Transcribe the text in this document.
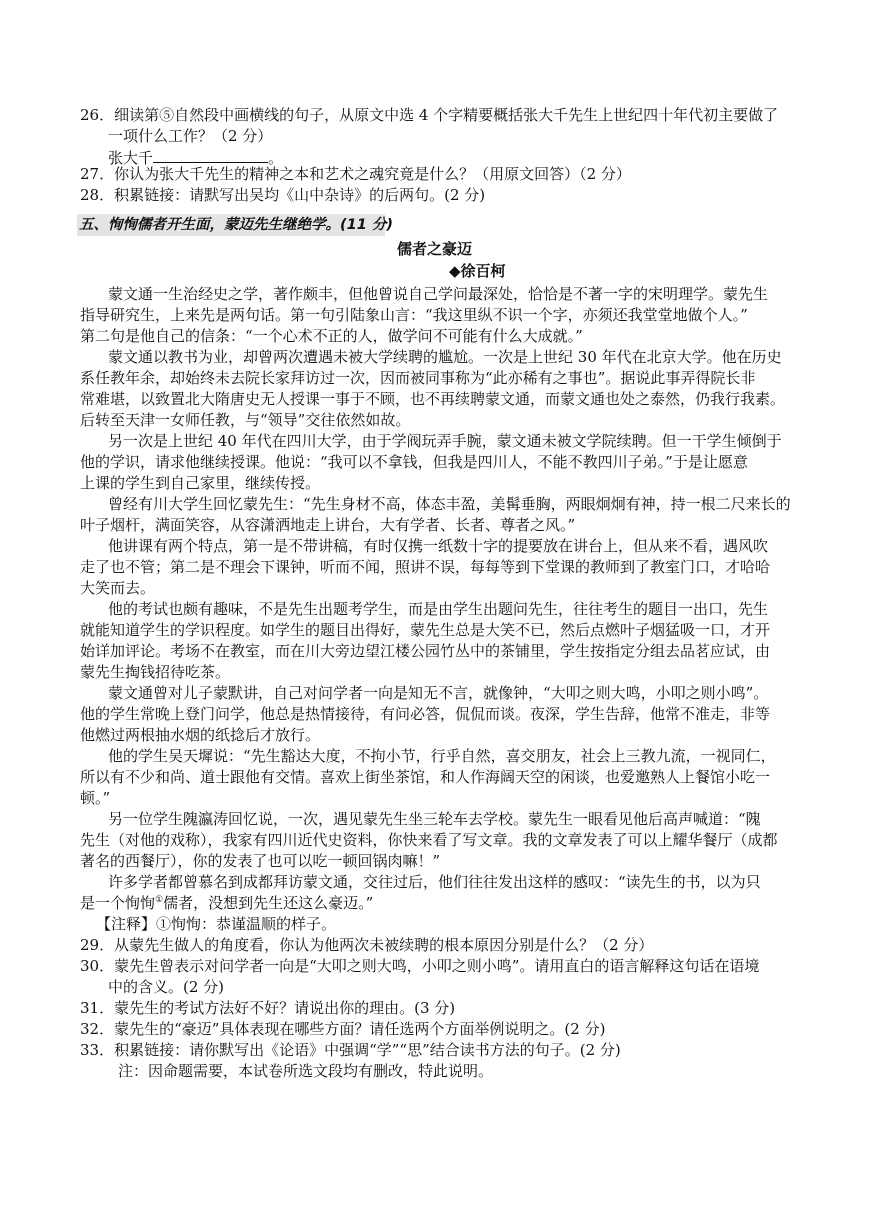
26．细读第⑤自然段中画横线的句子，从原文中选 4 个字精要概括张大千先生上世纪四十年代初主要做了
一项什么工作？（2 分）
张大千	。
27．你认为张大千先生的精神之本和艺术之魂究竟是什么？（用原文回答）（2 分）
28．积累链接：请默写出吴均《山中杂诗》的后两句。(2 分)
五、恂恂儒者开生面，蒙迈先生继绝学。(11 分)
儒者之豪迈
◆徐百柯
蒙文通一生治经史之学，著作颇丰，但他曾说自己学问最深处，恰恰是不著一字的宋明理学。蒙先生
指导研究生，上来先是两句话。第一句引陆象山言：“我这里纵不识一个字，亦须还我堂堂地做个人。”
第二句是他自己的信条：“一个心术不正的人，做学问不可能有什么大成就。”
蒙文通以教书为业，却曾两次遭遇未被大学续聘的尴尬。一次是上世纪 30 年代在北京大学。他在历史
系任教年余，却始终未去院长家拜访过一次，因而被同事称为“此亦稀有之事也”。据说此事弄得院长非
常难堪，以致置北大隋唐史无人授课一事于不顾，也不再续聘蒙文通，而蒙文通也处之泰然，仍我行我素。
后转至天津一女师任教，与“领导”交往依然如故。
另一次是上世纪 40 年代在四川大学，由于学阀玩弄手腕，蒙文通未被文学院续聘。但一干学生倾倒于
他的学识，请求他继续授课。他说：“我可以不拿钱，但我是四川人，不能不教四川子弟。”于是让愿意
上课的学生到自己家里，继续传授。
曾经有川大学生回忆蒙先生：“先生身材不高，体态丰盈，美髯垂胸，两眼炯炯有神，持一根二尺来长的
叶子烟杆，满面笑容，从容潇洒地走上讲台，大有学者、长者、尊者之风。”
他讲课有两个特点，第一是不带讲稿，有时仅携一纸数十字的提要放在讲台上，但从来不看，遇风吹
走了也不管；第二是不理会下课钟，听而不闻，照讲不误，每每等到下堂课的教师到了教室门口，才哈哈
大笑而去。
他的考试也颇有趣味，不是先生出题考学生，而是由学生出题问先生，往往考生的题目一出口，先生
就能知道学生的学识程度。如学生的题目出得好，蒙先生总是大笑不已，然后点燃叶子烟猛吸一口，才开
始详加评论。考场不在教室，而在川大旁边望江楼公园竹丛中的茶铺里，学生按指定分组去品茗应试，由
蒙先生掏钱招待吃茶。
蒙文通曾对儿子蒙默讲，自己对问学者一向是知无不言，就像钟，“大叩之则大鸣，小叩之则小鸣”。
他的学生常晚上登门问学，他总是热情接待，有问必答，侃侃而谈。夜深，学生告辞，他常不准走，非等
他燃过两根抽水烟的纸捻后才放行。
他的学生吴天墀说：“先生豁达大度，不拘小节，行乎自然，喜交朋友，社会上三教九流，一视同仁，
所以有不少和尚、道士跟他有交情。喜欢上街坐茶馆，和人作海阔天空的闲谈，也爱邀熟人上餐馆小吃一
顿。”
另一位学生隗瀛涛回忆说，一次，遇见蒙先生坐三轮车去学校。蒙先生一眼看见他后高声喊道：“隗
先生（对他的戏称），我家有四川近代史资料，你快来看了写文章。我的文章发表了可以上耀华餐厅（成都
著名的西餐厅），你的发表了也可以吃一顿回锅肉嘛！”
许多学者都曾慕名到成都拜访蒙文通，交往过后，他们往往发出这样的感叹：“读先生的书，以为只
是一个恂恂①儒者，没想到先生还这么豪迈。”
【注释】①恂恂：恭谨温顺的样子。
29．从蒙先生做人的角度看，你认为他两次未被续聘的根本原因分别是什么？（2 分）
30．蒙先生曾表示对问学者一向是“大叩之则大鸣，小叩之则小鸣”。请用直白的语言解释这句话在语境
中的含义。(2 分)
31．蒙先生的考试方法好不好？请说出你的理由。(3 分)
32．蒙先生的“豪迈”具体表现在哪些方面？请任选两个方面举例说明之。(2 分)
33．积累链接：请你默写出《论语》中强调“学”“思”结合读书方法的句子。(2 分)
注：因命题需要，本试卷所选文段均有删改，特此说明。
